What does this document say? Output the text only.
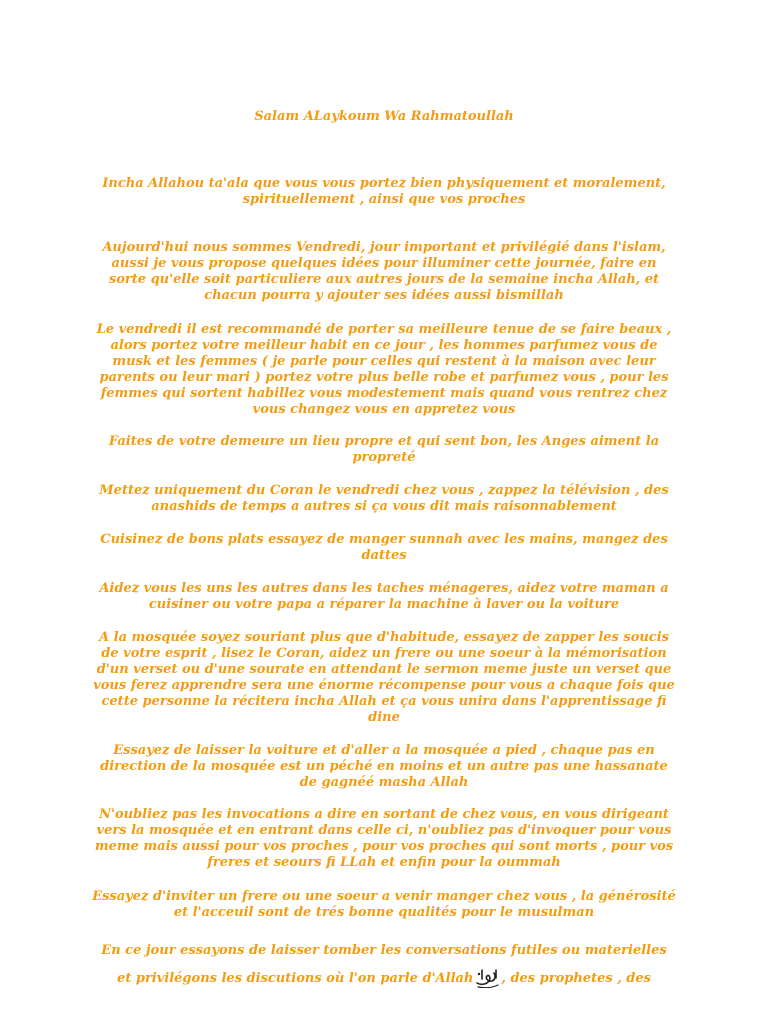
Salam ALaykoum Wa Rahmatoullah

Incha Allahou ta'ala que vous vous portez bien physiquement et moralement, spirituellement , ainsi que vos proches

Aujourd'hui nous sommes Vendredi, jour important et privilégié dans l'islam, aussi je vous propose quelques idées pour illuminer cette journée, faire en sorte qu'elle soit particuliere aux autres jours de la semaine incha Allah, et chacun pourra y ajouter ses idées aussi bismillah

Le vendredi il est recommandé de porter sa meilleure tenue de se faire beaux , alors portez votre meilleur habit en ce jour , les hommes parfumez vous de musk et les femmes ( je parle pour celles qui restent à la maison avec leur parents ou leur mari ) portez votre plus belle robe et parfumez vous , pour les femmes qui sortent habillez vous modestement mais quand vous rentrez chez vous changez vous en appretez vous

Faites de votre demeure un lieu propre et qui sent bon, les Anges aiment la propreté

Mettez uniquement du Coran le vendredi chez vous , zappez la télévision , des anashids de temps a autres si ça vous dit mais raisonnablement

Cuisinez de bons plats essayez de manger sunnah avec les mains, mangez des dattes

Aidez vous les uns les autres dans les taches ménageres, aidez votre maman a cuisiner ou votre papa a réparer la machine à laver ou la voiture

A la mosquée soyez souriant plus que d'habitude, essayez de zapper les soucis de votre esprit , lisez le Coran, aidez un frere ou une soeur à la mémorisation d'un verset ou d'une sourate en attendant le sermon meme juste un verset que vous ferez apprendre sera une énorme récompense pour vous a chaque fois que cette personne la récitera incha Allah et ça vous unira dans l'apprentissage fi dine

Essayez de laisser la voiture et d'aller a la mosquée a pied , chaque pas en direction de la mosquée est un péché en moins et un autre pas une hassanate de gagnéé masha Allah

N'oubliez pas les invocations a dire en sortant de chez vous, en vous dirigeant vers la mosquée et en entrant dans celle ci, n'oubliez pas d'invoquer pour vous meme mais aussi pour vos proches , pour vos proches qui sont morts , pour vos freres et seours fi LLah et enfin pour la oummah

Essayez d'inviter un frere ou une soeur a venir manger chez vous , la générosité et l'acceuil sont de trés bonne qualités pour le musulman

En ce jour essayons de laisser tomber les conversations futiles ou materielles et privilégons les discutions où l'on parle d'Allah , des prophetes , des
